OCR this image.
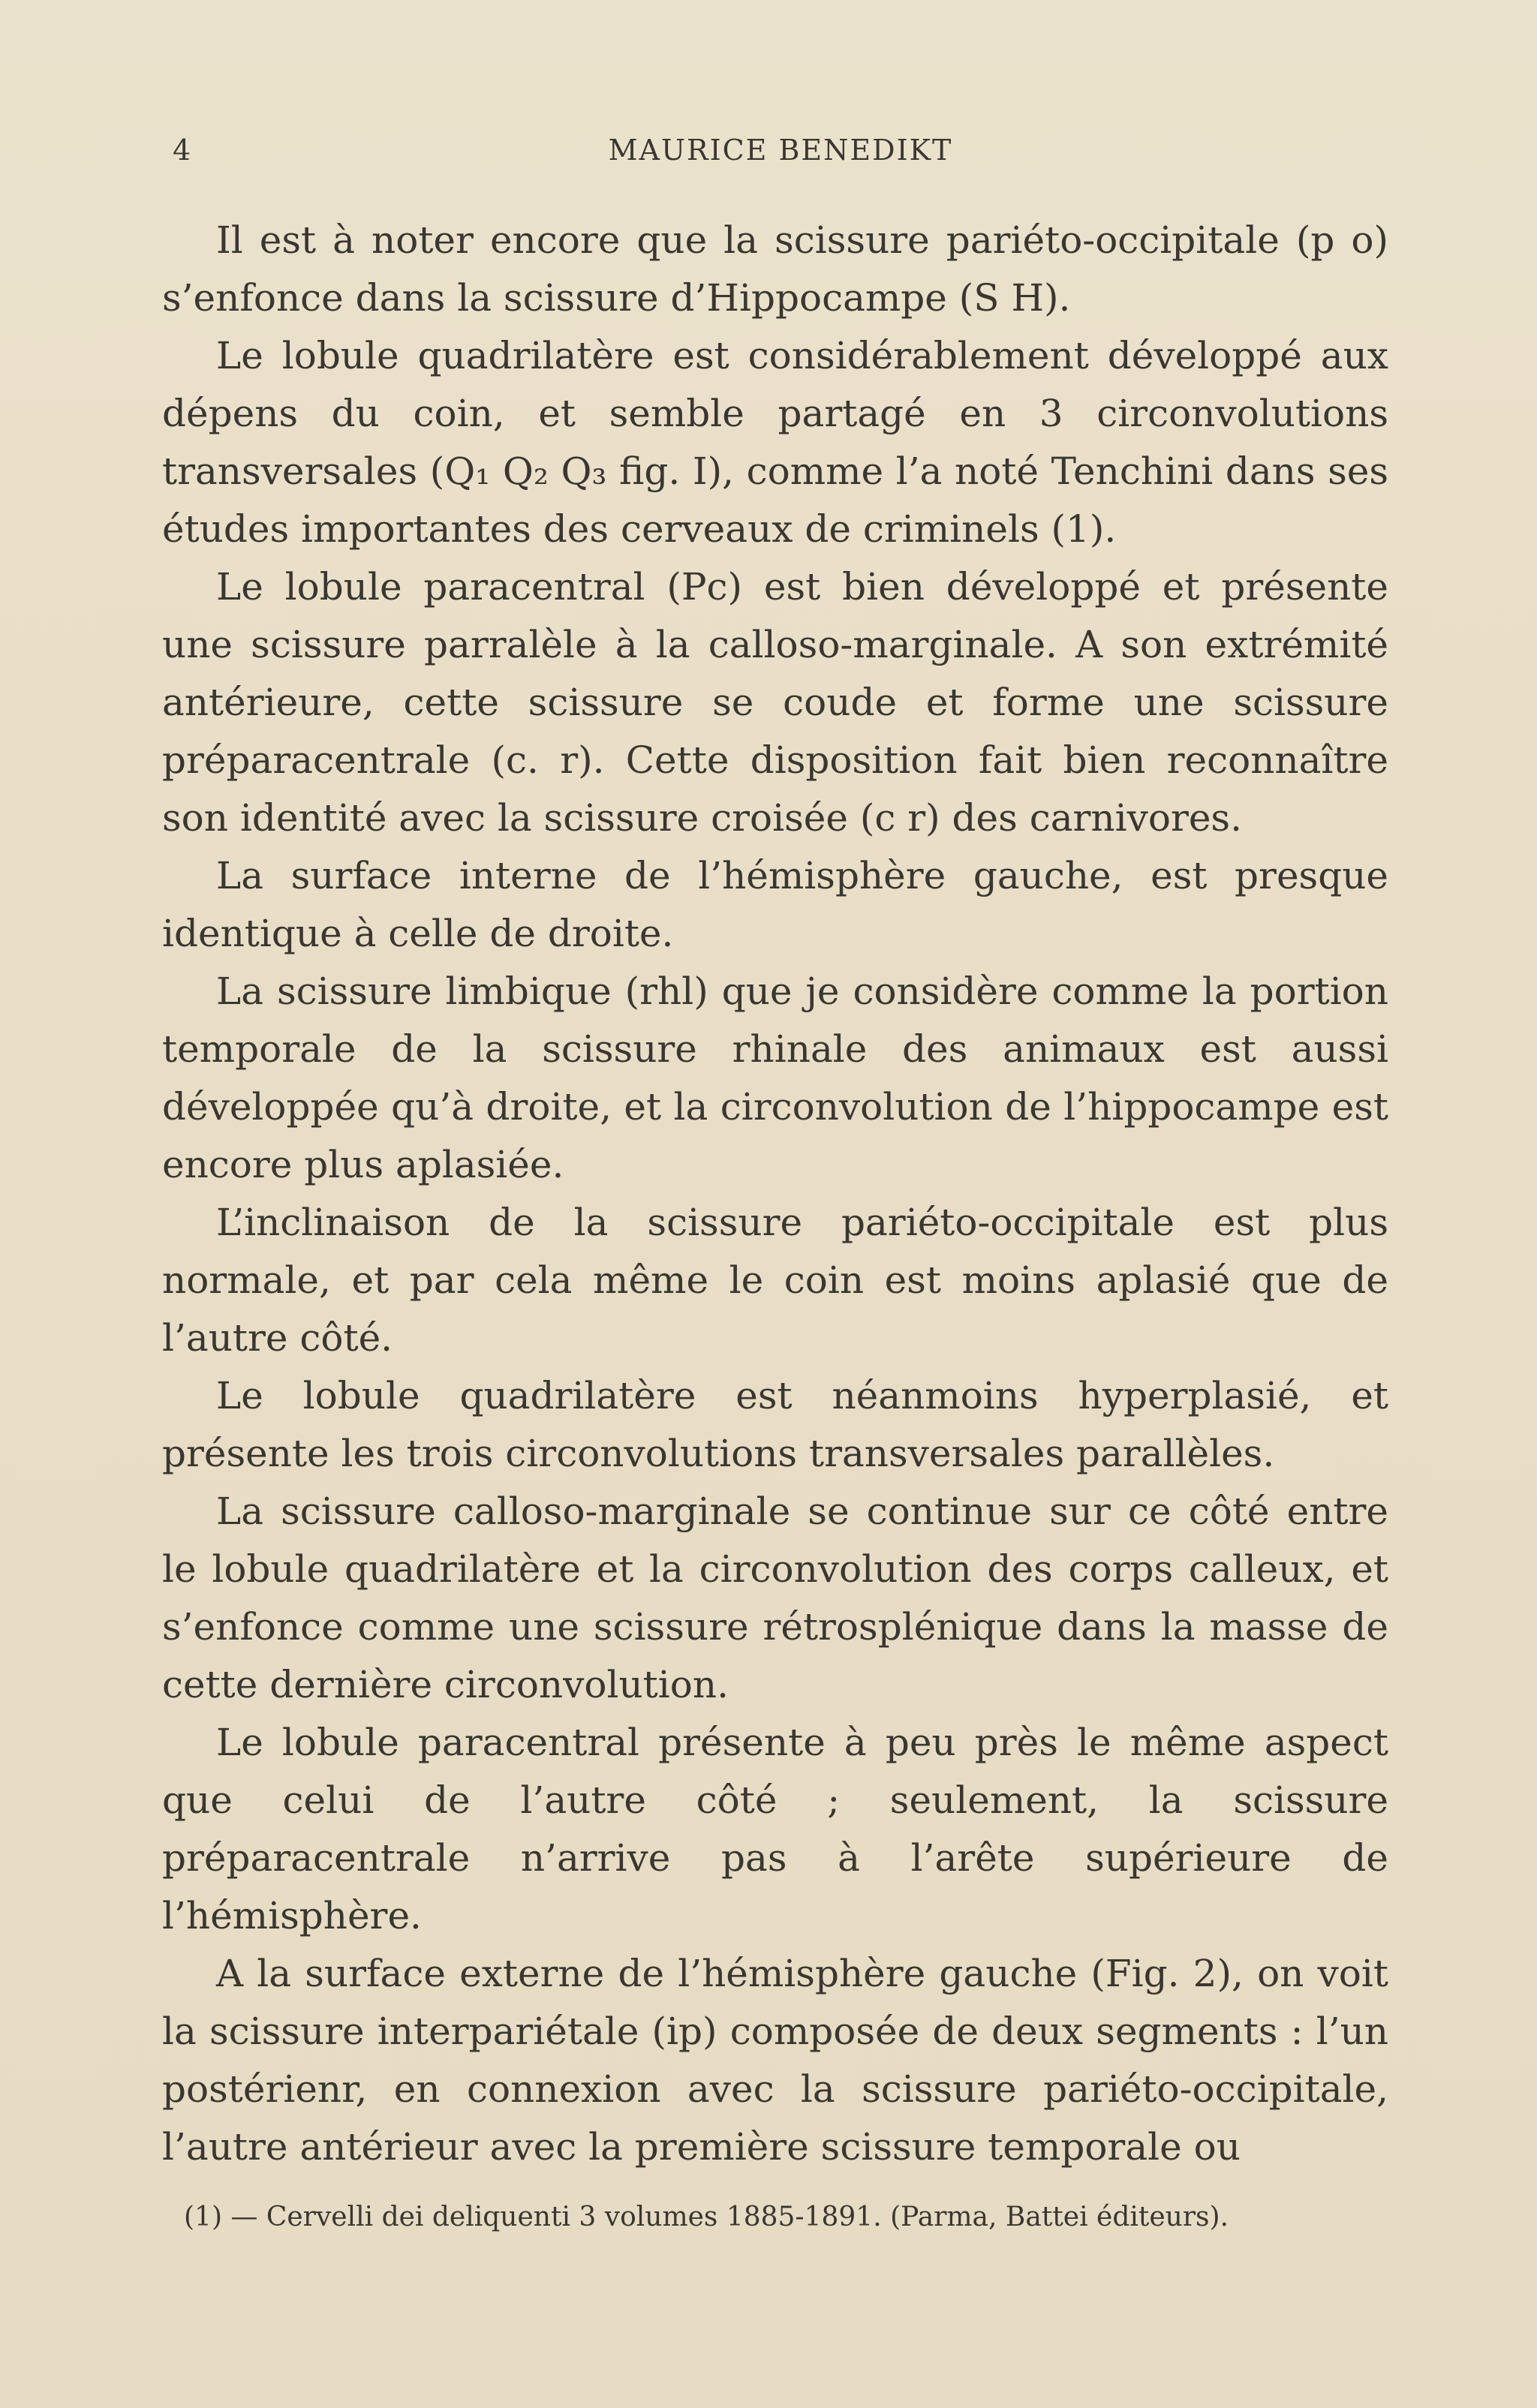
4	MAURICE BENEDIKT

Il est à noter encore que la scissure pariéto-occipitale (p o) s’enfonce dans la scissure d’Hippocampe (S H).

Le lobule quadrilatère est considérablement développé aux dépens du coin, et semble partagé en 3 circonvolutions transversales (Q₁ Q₂ Q₃ fig. I), comme l’a noté Tenchini dans ses études importantes des cerveaux de criminels (1).

Le lobule paracentral (Pc) est bien développé et présente une scissure parralèle à la calloso-marginale. A son extrémité antérieure, cette scissure se coude et forme une scissure préparacentrale (c. r). Cette disposition fait bien reconnaître son identité avec la scissure croisée (c r) des carnivores.

La surface interne de l’hémisphère gauche, est presque identique à celle de droite.

La scissure limbique (rhl) que je considère comme la portion temporale de la scissure rhinale des animaux est aussi développée qu’à droite, et la circonvolution de l’hippocampe est encore plus aplasiée.

L’inclinaison de la scissure pariéto-occipitale est plus normale, et par cela même le coin est moins aplasié que de l’autre côté.

Le lobule quadrilatère est néanmoins hyperplasié, et présente les trois circonvolutions transversales parallèles.

La scissure calloso-marginale se continue sur ce côté entre le lobule quadrilatère et la circonvolution des corps calleux, et s’enfonce comme une scissure rétrosplénique dans la masse de cette dernière circonvolution.

Le lobule paracentral présente à peu près le même aspect que celui de l’autre côté ; seulement, la scissure préparacentrale n’arrive pas à l’arête supérieure de l’hémisphère.

A la surface externe de l’hémisphère gauche (Fig. 2), on voit la scissure interpariétale (ip) composée de deux segments : l’un postérienr, en connexion avec la scissure pariéto-occipitale, l’autre antérieur avec la première scissure temporale ou

(1) — Cervelli dei deliquenti 3 volumes 1885-1891. (Parma, Battei éditeurs).
